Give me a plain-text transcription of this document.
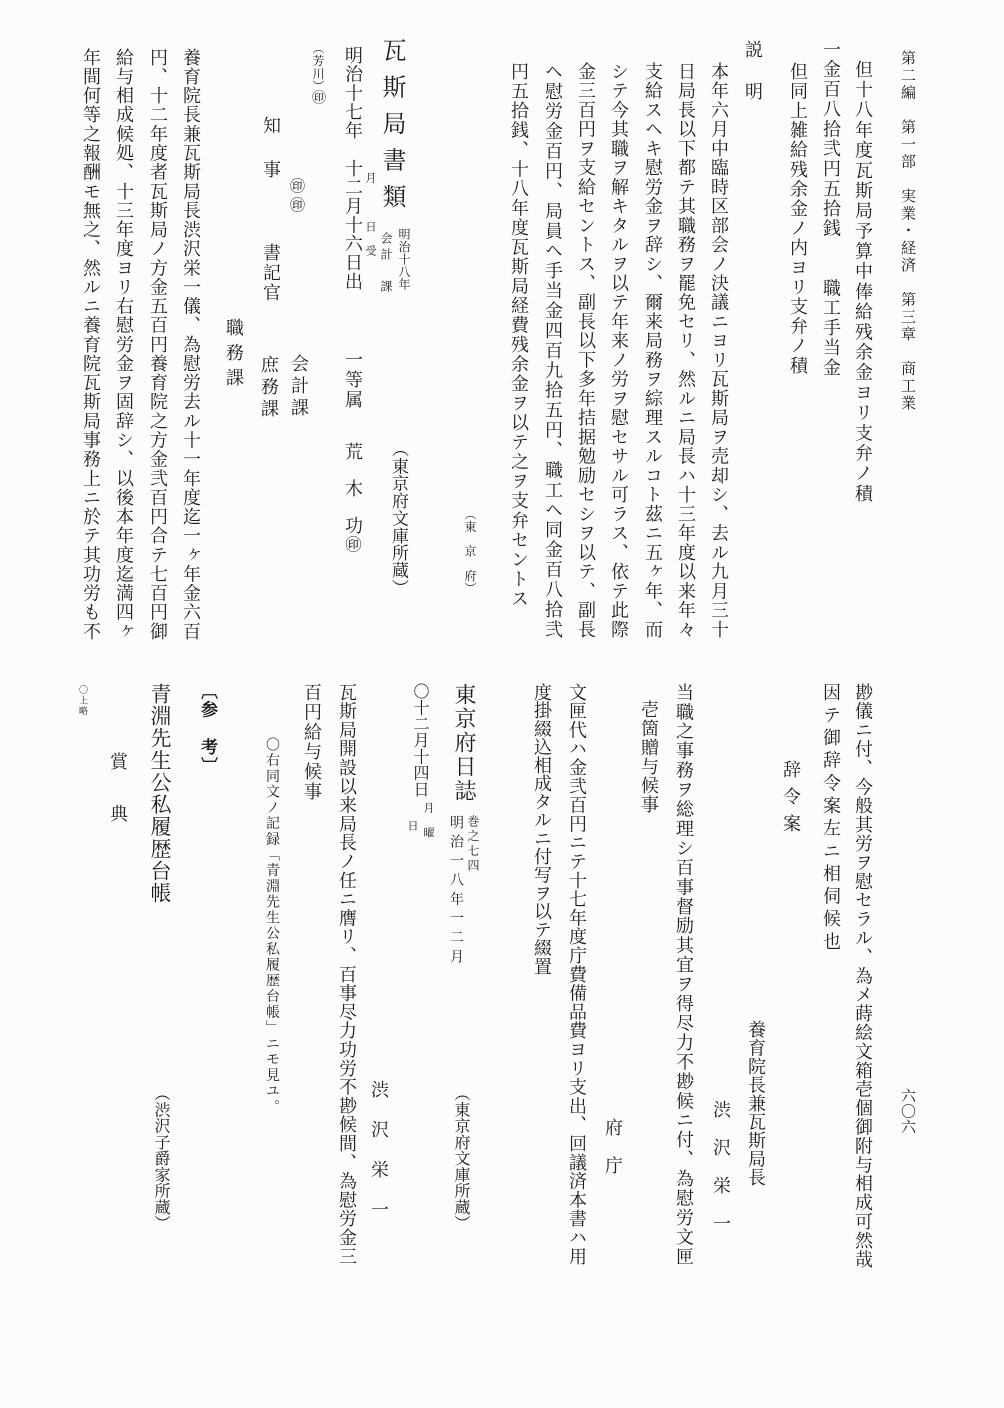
第二編　第一部　実業・経済　第三章　商工業
六〇六
但十八年度瓦斯局予算中俸給残余金ヨリ支弁ノ積
一金百八拾弐円五拾銭　　職工手当金
但同上雑給残余金ノ内ヨリ支弁ノ積
説　明
本年六月中臨時区部会ノ決議ニヨリ瓦斯局ヲ売却シ、去ル九月三十
日局長以下都テ其職務ヲ罷免セリ、然ルニ局長ハ十三年度以来年々
支給スヘキ慰労金ヲ辞シ、爾来局務ヲ綜理スルコト茲ニ五ヶ年、而
シテ今其職ヲ解キタルヲ以テ年来ノ労ヲ慰セサル可ラス、依テ此際
金三百円ヲ支給セントス、副長以下多年拮据勉励セシヲ以テ、副長
ヘ慰労金百円、局員ヘ手当金四百九拾五円、職工ヘ同金百八拾弐
円五拾銭、十八年度瓦斯局経費残余金ヲ以テ之ヲ支弁セントス
（東　京　府）
瓦斯局書類
明治十八年
会計　課
（東京府文庫所蔵）
明治十七年　十二月十六日出 月　日受
一等属
荒　木　功
㊞
（芳川）
㊞
㊞㊞
会計課
知　事
書記官
庶務課
職務課
養育院長兼瓦斯局長渋沢栄一儀、為慰労去ル十一年度迄一ヶ年金六百
円、十二年度者瓦斯局ノ方金五百円養育院之方金弐百円合テ七百円御
給与相成候処、十三年度ヨリ右慰労金ヲ固辞シ、以後本年度迄満四ヶ
年間何等之報酬モ無之、然ルニ養育院瓦斯局事務上ニ於テ其功労も不
尠儀ニ付、今般其労ヲ慰セラル、為メ蒔絵文箱壱個御附与相成可然哉
因テ御辞令案左ニ相伺候也
辞令案
養育院長兼瓦斯局長
渋　沢　栄　一
当職之事務ヲ総理シ百事督励其宜ヲ得尽力不尠候ニ付、為慰労文匣
壱箇贈与候事
府　庁
文匣代ハ金弐百円ニテ十七年度庁費備品費ヨリ支出、回議済本書ハ用
度掛綴込相成タルニ付写ヲ以テ綴置
東京府日誌
巻之七四
明治一八年一二月
（東京府文庫所蔵）
〇十二月十四日
月曜
日
渋　沢　栄　一
瓦斯局開設以来局長ノ任ニ膺リ、百事尽力功労不尠候間、為慰労金三
百円給与候事
〇右同文ノ記録「青淵先生公私履歴台帳」ニモ見ユ。
〔参　考〕
青淵先生公私履歴台帳
（渋沢子爵家所蔵）
賞　典
〇上略
